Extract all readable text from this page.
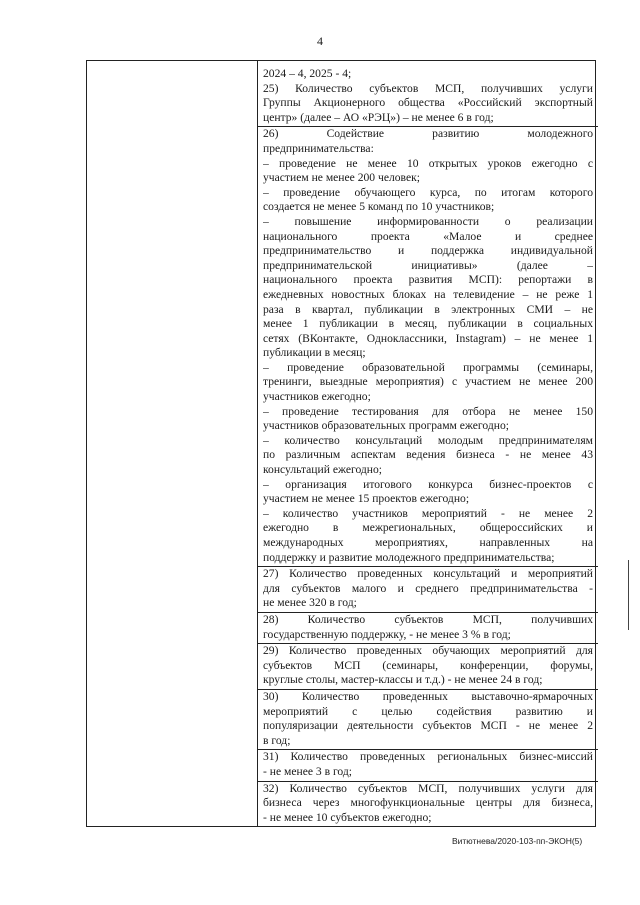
4
2024 – 4, 2025 - 4;
25) Количество субъектов МСП, получивших услуги
Группы Акционерного общества «Российский экспортный
центр» (далее – АО «РЭЦ») – не менее 6 в год;
26) Содействие развитию молодежного
предпринимательства:
– проведение не менее 10 открытых уроков ежегодно с
участием не менее 200 человек;
– проведение обучающего курса, по итогам которого
создается не менее 5 команд по 10 участников;
– повышение информированности о реализации
национального проекта «Малое и среднее
предпринимательство и поддержка индивидуальной
предпринимательской инициативы» (далее –
национального проекта развития МСП): репортажи в
ежедневных новостных блоках на телевидение – не реже 1
раза в квартал, публикации в электронных СМИ – не
менее 1 публикации в месяц, публикации в социальных
сетях (ВКонтакте, Одноклассники, Instagram) – не менее 1
публикации в месяц;
– проведение образовательной программы (семинары,
тренинги, выездные мероприятия) с участием не менее 200
участников ежегодно;
– проведение тестирования для отбора не менее 150
участников образовательных программ ежегодно;
– количество консультаций молодым предпринимателям
по различным аспектам ведения бизнеса - не менее 43
консультаций ежегодно;
– организация итогового конкурса бизнес-проектов с
участием не менее 15 проектов ежегодно;
– количество участников мероприятий - не менее 2
ежегодно в межрегиональных, общероссийских и
международных мероприятиях, направленных на
поддержку и развитие молодежного предпринимательства;
27) Количество проведенных консультаций и мероприятий
для субъектов малого и среднего предпринимательства -
не менее 320 в год;
28) Количество субъектов МСП, получивших
государственную поддержку, - не менее 3 % в год;
29) Количество проведенных обучающих мероприятий для
субъектов МСП (семинары, конференции, форумы,
круглые столы, мастер-классы и т.д.) - не менее 24 в год;
30) Количество проведенных выставочно-ярмарочных
мероприятий с целью содействия развитию и
популяризации деятельности субъектов МСП - не менее 2
в год;
31) Количество проведенных региональных бизнес-миссий
- не менее 3 в год;
32) Количество субъектов МСП, получивших услуги для
бизнеса через многофункциональные центры для бизнеса,
- не менее 10 субъектов ежегодно;
Витютнева/2020-103-пп-ЭКОН(5)
